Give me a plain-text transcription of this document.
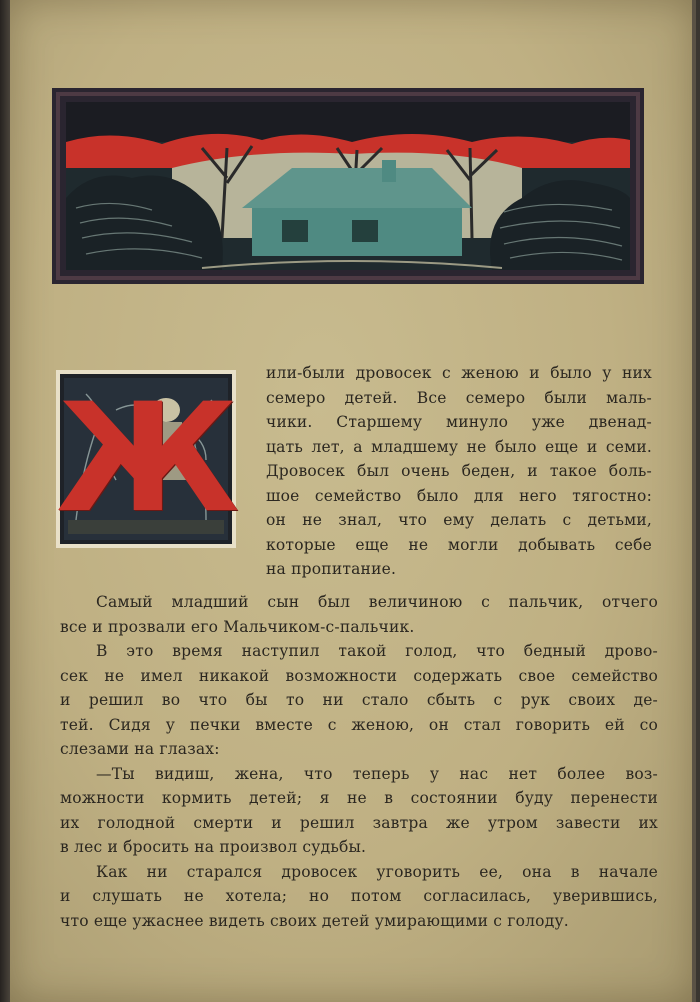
Ж или-были дровосек с женою и было у них
семеро детей. Все семеро были маль-
чики. Старшему минуло уже двенад-
цать лет, а младшему не было еще и семи.
Дровосек был очень беден, и такое боль-
шое семейство было для него тягостно:
он не знал, что ему делать с детьми,
которые еще не могли добывать себе
на пропитание.
Самый младший сын был величиною с пальчик, отчего
все и прозвали его Мальчиком-с-пальчик.
В это время наступил такой голод, что бедный дрово-
сек не имел никакой возможности содержать свое семейство
и решил во что бы то ни стало сбыть с рук своих де-
тей. Сидя у печки вместе с женою, он стал говорить ей со
слезами на глазах:
—Ты видиш, жена, что теперь у нас нет более воз-
можности кормить детей; я не в состоянии буду перенести
их голодной смерти и решил завтра же утром завести их
в лес и бросить на произвол судьбы.
Как ни старался дровосек уговорить ее, она в начале
и слушать не хотела; но потом согласилась, уверившись,
что еще ужаснее видеть своих детей умирающими с голоду.
